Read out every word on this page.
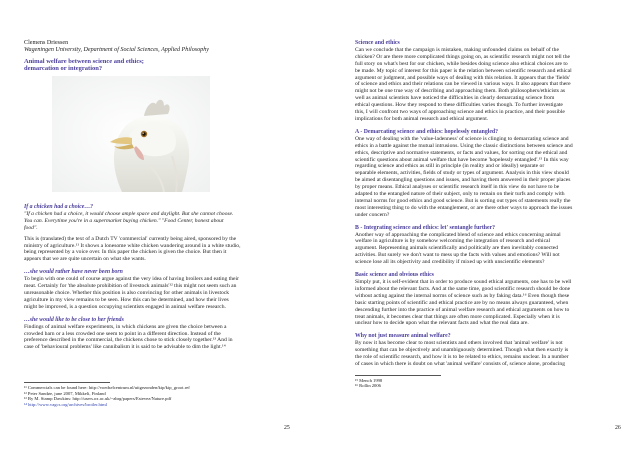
Clemens Driessen
Wageningen University, Department of Social Sciences, Applied Philosophy
Animal welfare between science and ethics;
demarcation or integration?
If a chicken had a choice…?
"If a chicken had a choice, it would choose ample space and daylight. But she cannot choose.
You can. Everytime you're in a supermarket buying chicken." "Food Center, honest about
food".
This is (translated) the text of a Dutch TV 'commercial' currently being aired, sponsored by the
ministry of agriculture.¹¹ It shows a lonesome white chicken wandering around in a white studio,
being represented by a voice over. In this paper the chicken is given the choice. But then it
appears that we are quite uncertain on what she wants.
…she would rather have never been born
To begin with one could of course argue against the very idea of having broilers and eating their
meat. Certainly for 'the absolute prohibition of livestock animals'¹² this might not seem such an
unreasonable choice. Whether this position is also convincing for other animals in livestock
agriculture in my view remains to be seen. How this can be determined, and how their lives
might be improved, is a question occupying scientists engaged in animal welfare research.
…she would like to be close to her friends
Findings of animal welfare experiments, in which chickens are given the choice between a
crowded barn or a less crowded one seem to point in a different direction. Instead of the
preference described in the commercial, the chickens chose to stick closely together.¹³ And in
case of 'behavioural problems' like cannibalism it is said to be advisable to dim the light.¹⁴
¹¹ Commercials can be found here: http://voedselcentrum.nl/uitgezonden/kip/kip_groot.ref
¹² Peter Sandøe, june 2007, Mikkeli, Finland
¹³ By M. Stamp Dawkins: http://users.ox.ac.uk/~abrg/papers/Estevez/Nature.pdf
¹⁴ http://www.vagcs.org/archives/broiler.html
25
Science and ethics
Can we conclude that the campaign is mistaken, making unfounded claims on behalf of the
chicken? Or are there more complicated things going on, as scientific research might not tell the
full story on what's best for our chicken, while besides doing science also ethical choices are to
be made. My topic of interest for this paper is the relation between scientific research and ethical
argument or judgment, and possible ways of dealing with this relation. It appears that the 'fields'
of science and ethics and their relations can be viewed in various ways. It also appears that there
might not be one true way of describing and approaching them. Both philosophers/ethicists as
well as animal scientists have noticed the difficulties in clearly demarcating science from
ethical questions. How they respond to these difficulties varies though. To further investigate
this, I will confront two ways of approaching science and ethics in practice, and their possible
implications for both animal research and ethical argument.
A - Demarcating science and ethics: hopelessly entangled?
One way of dealing with the 'value-ladenness' of science is clinging to demarcating science and
ethics in a battle against the mutual intrusions. Using the classic distinctions between science and
ethics, descriptive and normative statements, or facts and values, for sorting out the ethical and
scientific questions about animal welfare that have become 'hopelessly entangled'.¹⁵ In this way
regarding science and ethics as still in principle (in reality and or ideally) separate or
separable elements, activities, fields of study or types of argument. Analysis in this view should
be aimed at disentangling questions and issues, and having them answered in their proper places
by proper means. Ethical analyses or scientific research itself in this view do not have to be
adapted to the entangled nature of their subject, only to remain on their turfs and comply with
internal norms for good ethics and good science. But is sorting out types of statements really the
most interesting thing to do with the entanglement, or are there other ways to approach the issues
under concern?
B - Integrating science and ethics: let' sentangle further?
Another way of approaching the complicated blend of science and ethics concerning animal
welfare in agriculture is by somehow welcoming the integration of research and ethical
argument. Representing animals scientifically and politically are then inevitably connected
activities. But surely we don't want to mess up the facts with values and emotions? Will not
science lose all its objectivity and credibility if mixed up with unscientific elements?
Basic science and obvious ethics
Simply put, it is self-evident that in order to produce sound ethical arguments, one has to be well
informed about the relevant facts. And at the same time, good scientific research should be done
without acting against the internal norms of science such as by faking data.¹⁶ Even though these
basic starting points of scientific and ethical practice are by no means always guaranteed, when
descending further into the practice of animal welfare research and ethical arguments on how to
treat animals, it becomes clear that things are often more complicated. Especially when it is
unclear how to decide upon what the relevant facts and what the real data are.
Why not just measure animal welfare?
By now it has become clear to most scientists and others involved that 'animal welfare' is not
something that can be objectively and unambiguously determined. Though what then exactly is
the role of scientific research, and how it is to be related to ethics, remains unclear. In a number
of cases in which there is doubt on what 'animal welfare' consists of, science alone, producing
¹⁵ Mench 1998
¹⁶ Rollin 2006
26
